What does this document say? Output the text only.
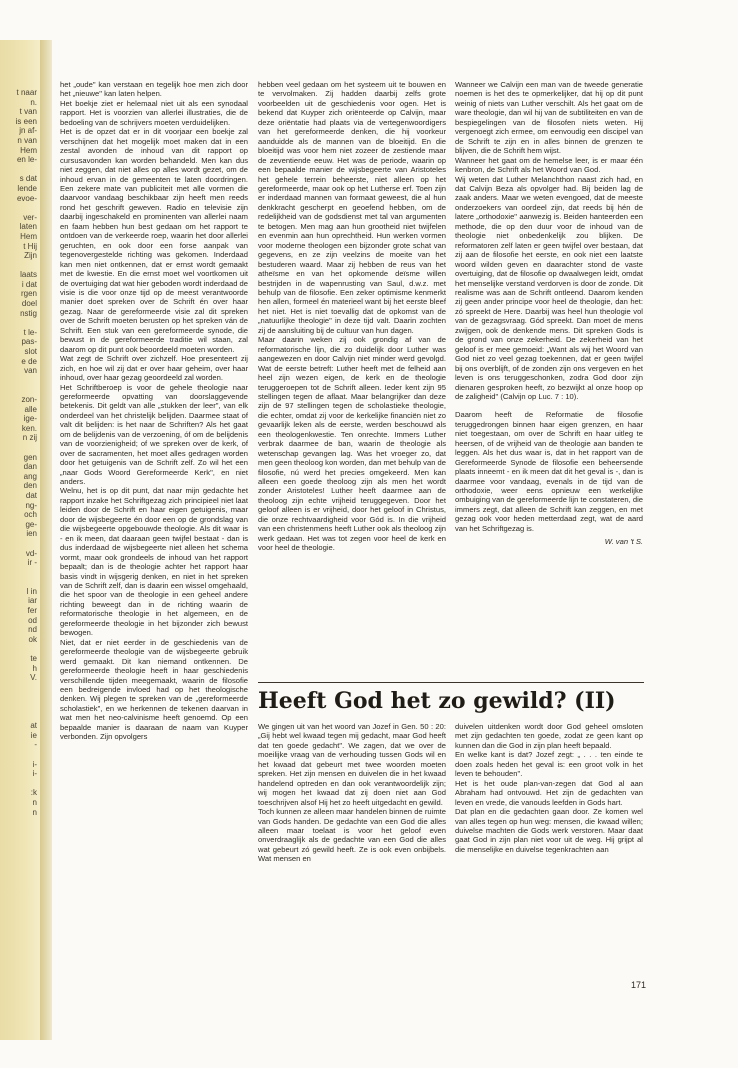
t naar
n.
t van
is een
jn af-
n van
Hem
en le-

s dat
lende
evoe-

ver-
laten
Hem
t Hij
Zijn

laats
i dat
rgen
doel
nstig

t le-
pas-
slot
e de
van

zon-
alle
ige-
ken.
n zij

gen
dan
ang
den
dat
ng-
och
ge-
ien

vd-
ir -

l in
iar
fer
od
nd
ok

te
h
V.

at
ie
-

i-
i-

:k
n
n

het „oude" kan verstaan en tegelijk hoe men zich door het „nieuwe" kan laten helpen.

Het boekje ziet er helemaal niet uit als een synodaal rapport. Het is voorzien van allerlei illustraties, die de bedoeling van de schrijvers moeten verduidelijken.

Het is de opzet dat er in dit voorjaar een boekje zal verschijnen dat het mogelijk moet maken dat in een zestal avonden de inhoud van dit rapport op cursusavonden kan worden behandeld. Men kan dus niet zeggen, dat niet alles op alles wordt gezet, om de inhoud ervan in de gemeenten te laten doordringen. Een zekere mate van publiciteit met alle vormen die daarvoor vandaag beschikbaar zijn heeft men reeds rond het geschrift geweven. Radio en televisie zijn daarbij ingeschakeld en prominenten van allerlei naam en faam hebben hun best gedaan om het rapport te ontdoen van de verkeerde roep, waarin het door allerlei geruchten, en ook door een forse aanpak van tegenovergestelde richting was gekomen. Inderdaad kan men niet ontkennen, dat er ernst wordt gemaakt met de kwestie. En die ernst moet wel voortkomen uit de overtuiging dat wat hier geboden wordt inderdaad de visie is die voor onze tijd op de meest verantwoorde manier doet spreken over de Schrift én over haar gezag. Naar de gereformeerde visie zal dit spreken over de Schrift moeten berusten op het spreken ván de Schrift. Een stuk van een gereformeerde synode, die bewust in de gereformeerde traditie wil staan, zal daarom op dit punt ook beoordeeld moeten worden.

Wat zegt de Schrift over zichzelf. Hoe presenteert zij zich, en hoe wil zij dat er over haar geheim, over haar inhoud, over haar gezag geoordeeld zal worden.

Het Schriftberoep is voor de gehele theologie naar gereformeerde opvatting van doorslaggevende betekenis. Dit geldt van alle „stukken der leer", van elk onderdeel van het christelijk belijden. Daarmee staat of valt dit belijden: is het naar de Schriften? Als het gaat om de belijdenis van de verzoening, óf om de belijdenis van de voorzienigheid; of we spreken over de kerk, of over de sacramenten, het moet alles gedragen worden door het getuigenis van de Schrift zelf. Zo wil het een „naar Gods Woord Gereformeerde Kerk", en niet anders.

Welnu, het is op dit punt, dat naar mijn gedachte het rapport inzake het Schriftgezag zich principieel niet laat leiden door de Schrift en haar eigen getuigenis, maar door de wijsbegeerte én door een op de grondslag van die wijsbegeerte opgebouwde theologie. Als dit waar is - en ik meen, dat daaraan geen twijfel bestaat - dan is dus inderdaad de wijsbegeerte niet alleen het schema vormt, maar ook grondeels de inhoud van het rapport bepaalt; dan is de theologie achter het rapport haar basis vindt in wijsgerig denken, en niet in het spreken van de Schrift zelf, dan is daarin een wissel omgehaald, die het spoor van de theologie in een geheel andere richting beweegt dan in de richting waarin de reformatorische theologie in het algemeen, en de gereformeerde theologie in het bijzonder zich bewust bewogen.

Niet, dat er niet eerder in de geschiedenis van de gereformeerde theologie van de wijsbegeerte gebruik werd gemaakt. Dit kan niemand ontkennen. De gereformeerde theologie heeft in haar geschiedenis verschillende tijden meegemaakt, waarin de filosofie een bedreigende invloed had op het theologische denken. Wij plegen te spreken van de „gereformeerde scholastiek", en we herkennen de tekenen daarvan in wat men het neo-calvinisme heeft genoemd. Op een bepaalde manier is daaraan de naam van Kuyper verbonden. Zijn opvolgers

hebben veel gedaan om het systeem uit te bouwen en te vervolmaken. Zij hadden daarbij zelfs grote voorbeelden uit de geschiedenis voor ogen. Het is bekend dat Kuyper zich oriënteerde op Calvijn, maar deze oriëntatie had plaats via de vertegenwoordigers van het gereformeerde denken, die hij voorkeur aanduidde als de mannen van de bloeitijd. En die bloeitijd was voor hem niet zozeer de zestiende maar de zeventiende eeuw. Het was de periode, waarin op een bepaalde manier de wijsbegeerte van Aristoteles het gehele terrein beheerste, niet alleen op het gereformeerde, maar ook op het Lutherse erf. Toen zijn er inderdaad mannen van formaat geweest, die al hun denkkracht gescherpt en geoefend hebben, om de redelijkheid van de godsdienst met tal van argumenten te betogen. Men mag aan hun grootheid niet twijfelen en evenmin aan hun oprechtheid. Hun werken vormen voor moderne theologen een bijzonder grote schat van gegevens, en ze zijn veelzins de moeite van het bestuderen waard. Maar zij hebben de reus van het atheïsme en van het opkomende deïsme willen bestrijden in de wapenrusting van Saul, d.w.z. met behulp van de filosofie. Een zeker optimisme kenmerkt hen allen, formeel én materieel want bij het eerste bleef het niet. Het is niet toevallig dat de opkomst van de „natuurlijke theologie" in deze tijd valt. Daarin zochten zij de aansluiting bij de cultuur van hun dagen.

Maar daarin weken zij ook grondig af van de reformatorische lijn, die zo duidelijk door Luther was aangewezen en door Calvijn niet minder werd gevolgd. Wat de eerste betreft: Luther heeft met de felheid aan heel zijn wezen eigen, de kerk en de theologie teruggeroepen tot de Schrift alleen. Ieder kent zijn 95 stellingen tegen de aflaat. Maar belangrijker dan deze zijn de 97 stellingen tegen de scholastieke theologie, die echter, omdat zij voor de kerkelijke financiën niet zo gevaarlijk leken als de eerste, werden beschouwd als een theologenkwestie. Ten onrechte. Immers Luther verbrak daarmee de ban, waarin de theologie als wetenschap gevangen lag. Was het vroeger zo, dat men geen theoloog kon worden, dan met behulp van de filosofie, nú werd het precies omgekeerd. Men kan alleen een goede theoloog zijn als men het wordt zonder Aristoteles! Luther heeft daarmee aan de theoloog zijn echte vrijheid teruggegeven. Door het geloof alleen is er vrijheid, door het geloof in Christus, die onze rechtvaardigheid voor Gód is. In die vrijheid van een christenmens heeft Luther ook als theoloog zijn werk gedaan. Het was tot zegen voor heel de kerk en voor heel de theologie.

Wanneer we Calvijn een man van de tweede generatie noemen is het des te opmerkelijker, dat hij op dit punt weinig of niets van Luther verschilt. Als het gaat om de ware theologie, dan wil hij van de subtiliteiten en van de bespiegelingen van de filosofen niets weten. Hij vergenoegt zich ermee, om eenvoudig een discipel van de Schrift te zijn en in alles binnen de grenzen te blijven, die de Schrift hem wijst.

Wanneer het gaat om de hemelse leer, is er maar één kenbron, de Schrift als het Woord van God.

Wij weten dat Luther Melanchthon naast zich had, en dat Calvijn Beza als opvolger had. Bij beiden lag de zaak anders. Maar we weten evengoed, dat de meeste onderzoekers van oordeel zijn, dat reeds bij hén de latere „orthodoxie" aanwezig is. Beiden hanteerden een methode, die op den duur voor de inhoud van de theologie niet onbedenkelijk zou blijken. De reformatoren zelf laten er geen twijfel over bestaan, dat zij aan de filosofie het eerste, en ook niet een laatste woord wilden geven en daarachter stond de vaste overtuiging, dat de filosofie op dwaalwegen leidt, omdat het menselijke verstand verdorven is door de zonde. Dit realisme was aan de Schrift ontleend. Daarom kenden zij geen ander principe voor heel de theologie, dan het: zó spreekt de Here. Daarbij was heel hun theologie vol van de gezagsvraag. Gód spreekt. Dan moet de mens zwijgen, ook de denkende mens. Dit spreken Gods is de grond van onze zekerheid. De zekerheid van het geloof is er mee gemoeid: „Want als wij het Woord van God niet zo veel gezag toekennen, dat er geen twijfel bij ons overblijft, of de zonden zijn ons vergeven en het leven is ons teruggeschonken, zodra God door zijn dienaren gesproken heeft, zo bezwijkt al onze hoop op de zaligheid" (Calvijn op Luc. 7 : 10).

Daarom heeft de Reformatie de filosofie teruggedrongen binnen haar eigen grenzen, en haar niet toegestaan, om over de Schrift en haar uitleg te heersen, of de vrijheid van de theologie aan banden te leggen. Als het dus waar is, dat in het rapport van de Gereformeerde Synode de filosofie een beheersende plaats inneemt - en ik meen dat dit het geval is -, dan is daarmee voor vandaag, evenals in de tijd van de orthodoxie, weer eens opnieuw een werkelijke ombuiging van de gereformeerde lijn te constateren, die immers zegt, dat alleen de Schrift kan zeggen, en met gezag ook voor heden metterdaad zegt, wat de aard van het Schriftgezag is.

W. van 't S.

Heeft God het zo gewild? (II)

We gingen uit van het woord van Jozef in Gen. 50 : 20: „Gij hebt wel kwaad tegen mij gedacht, maar God heeft dat ten goede gedacht". We zagen, dat we over de moeilijke vraag van de verhouding tussen Gods wil en het kwaad dat gebeurt met twee woorden moeten spreken. Het zijn mensen en duivelen die in het kwaad handelend optreden en dan ook verantwoordelijk zijn; wij mogen het kwaad dat zij doen niet aan God toeschrijven alsof Hij het zo heeft uitgedacht en gewild.

Toch kunnen ze alleen maar handelen binnen de ruimte van Gods handen. De gedachte van een God die alles alleen maar toelaat is voor het geloof even onverdraaglijk als de gedachte van een God die alles wat gebeurt zó gewild heeft. Ze is ook even onbijbels. Wat mensen en

duivelen uitdenken wordt door God geheel omsloten met zijn gedachten ten goede, zodat ze geen kant op kunnen dan die God in zijn plan heeft bepaald.

En welke kant is dat? Jozef zegt: „ . . . ten einde te doen zoals heden het geval is: een groot volk in het leven te behouden".

Het is het oude plan-van-zegen dat God al aan Abraham had ontvouwd. Het zijn de gedachten van leven en vrede, die vanouds leefden in Gods hart.

Dat plan en die gedachten gaan door. Ze komen wel van alles tegen op hun weg: mensen, die kwaad willen; duivelse machten die Gods werk verstoren. Maar daat gaat God in zijn plan niet voor uit de weg. Hij grijpt al die menselijke en duivelse tegenkrachten aan

171
